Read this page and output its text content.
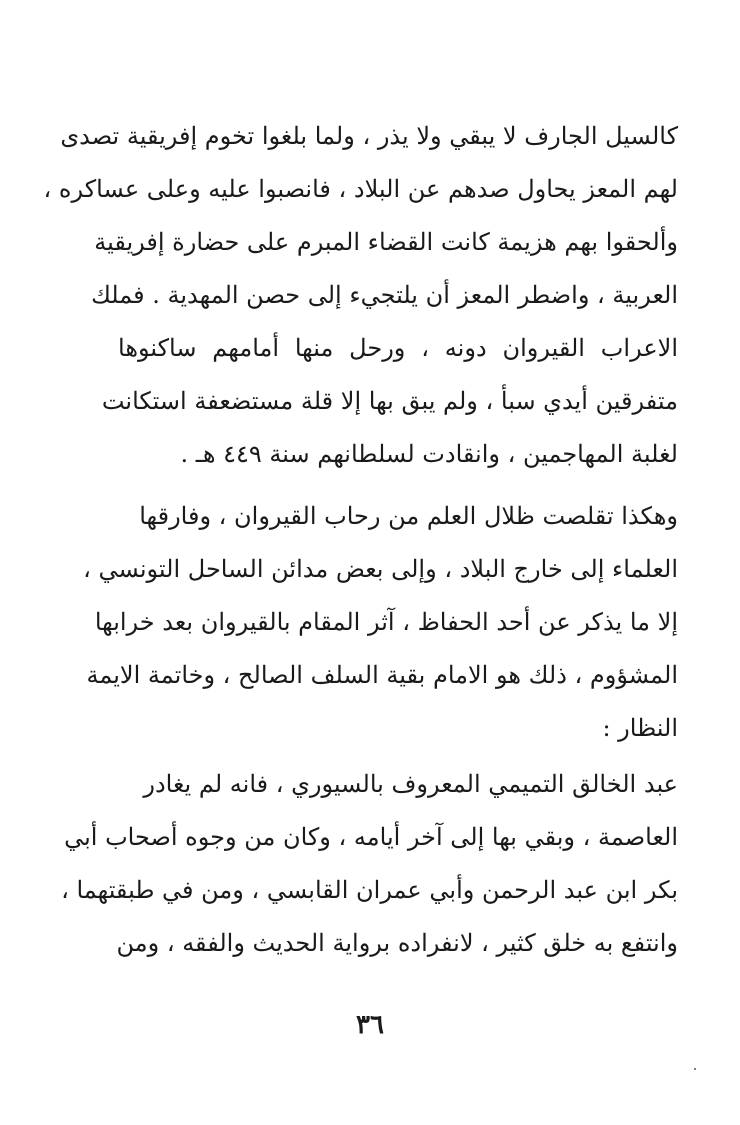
كالسيل الجارف لا يبقي ولا يذر ، ولما بلغوا تخوم إفريقية تصدى
لهم المعز يحاول صدهم عن البلاد ، فانصبوا عليه وعلى عساكره ،
وألحقوا بهم هزيمة كانت القضاء المبرم على حضارة إفريقية
العربية ، واضطر المعز أن يلتجيء إلى حصن المهدية . فملك
الاعراب القيروان دونه ، ورحل منها أمامهم ساكنوها
متفرقين أيدي سبأ ، ولم يبق بها إلا قلة مستضعفة استكانت
لغلبة المهاجمين ، وانقادت لسلطانهم سنة ٤٤٩ هـ .
وهكذا تقلصت ظلال العلم من رحاب القيروان ، وفارقها
العلماء إلى خارج البلاد ، وإلى بعض مدائن الساحل التونسي ،
إلا ما يذكر عن أحد الحفاظ ، آثر المقام بالقيروان بعد خرابها
المشؤوم ، ذلك هو الامام بقية السلف الصالح ، وخاتمة الايمة
النظار :
عبد الخالق التميمي المعروف بالسيوري ، فانه لم يغادر
العاصمة ، وبقي بها إلى آخر أيامه ، وكان من وجوه أصحاب أبي
بكر ابن عبد الرحمن وأبي عمران القابسي ، ومن في طبقتهما ،
وانتفع به خلق كثير ، لانفراده برواية الحديث والفقه ، ومن
٣٦
